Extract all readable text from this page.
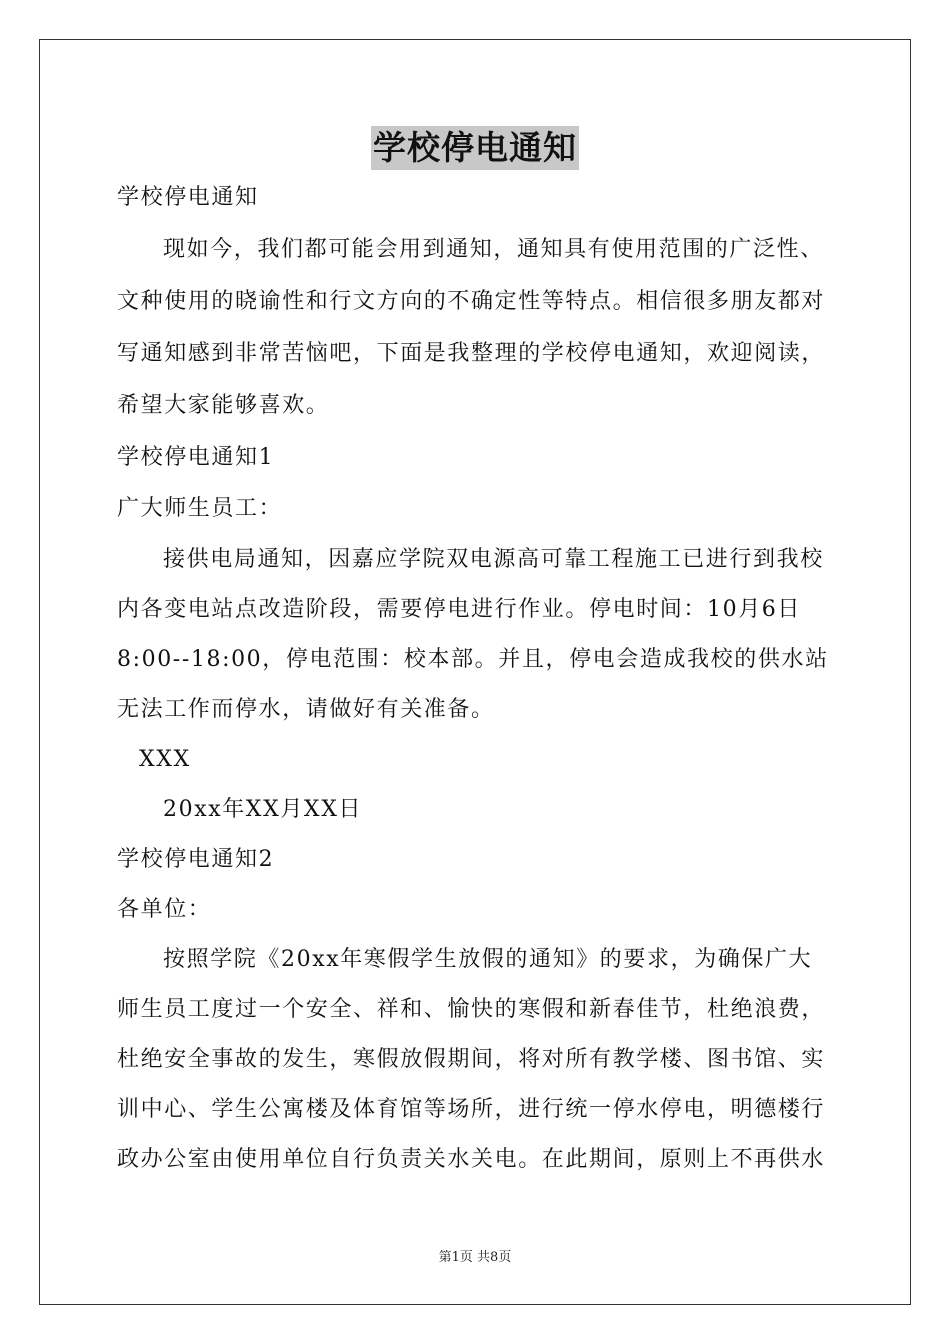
学校停电通知
学校停电通知
现如今，我们都可能会用到通知，通知具有使用范围的广泛性、
文种使用的晓谕性和行文方向的不确定性等特点。相信很多朋友都对
写通知感到非常苦恼吧，下面是我整理的学校停电通知，欢迎阅读，
希望大家能够喜欢。
学校停电通知1
广大师生员工：
接供电局通知，因嘉应学院双电源高可靠工程施工已进行到我校
内各变电站点改造阶段，需要停电进行作业。停电时间：10月6日
8:00--18:00，停电范围：校本部。并且，停电会造成我校的供水站
无法工作而停水，请做好有关准备。
XXX
20xx年XX月XX日
学校停电通知2
各单位：
按照学院《20xx年寒假学生放假的通知》的要求，为确保广大
师生员工度过一个安全、祥和、愉快的寒假和新春佳节，杜绝浪费，
杜绝安全事故的发生，寒假放假期间，将对所有教学楼、图书馆、实
训中心、学生公寓楼及体育馆等场所，进行统一停水停电，明德楼行
政办公室由使用单位自行负责关水关电。在此期间，原则上不再供水
第1页 共8页
